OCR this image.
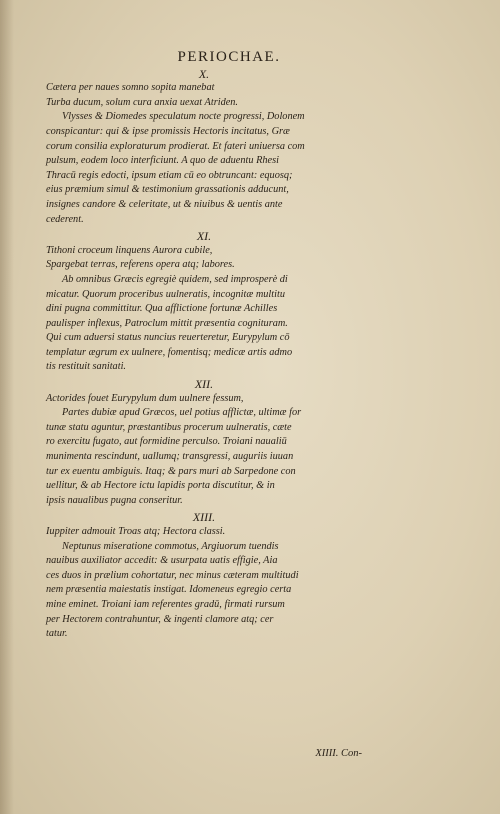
PERIOCHAE.
X.
Cætera per naues somno sopita manebat
Turba ducum, solum cura anxia uexat Atriden.
Vlysses & Diomedes speculatum nocte progressi, Dolonem
conspicantur: qui & ipse promissis Hectoris incitatus, Græ
corum consilia exploraturum prodierat. Et fateri uniuersa com
pulsum, eodem loco interficiunt. A quo de aduentu Rhesi
Thracū regis edocti, ipsum etiam cū eo obtruncant: equosq;
eius præmium simul & testimonium grassationis adducunt,
insignes candore & celeritate, ut & niuibus & uentis ante
cederent.
XI.
Tithoni croceum linquens Aurora cubile,
Spargebat terras, referens opera atq; labores.
Ab omnibus Græcis egregiè quidem, sed improsperè di
micatur. Quorum proceribus uulneratis, incognitæ multitu
dini pugna committitur. Qua afflictione fortunæ Achilles
paulisper inflexus, Patroclum mittit præsentia cognituram.
Qui cum aduersi status nuncius reuerteretur, Eurypylum cō
templatur ægrum ex uulnere, fomentisq; medicæ artis admo
tis restituit sanitati.
XII.
Actorides fouet Eurypylum dum uulnere fessum,
Partes dubiæ apud Græcos, uel potius afflictæ, ultimæ for
tunæ statu aguntur, præstantibus procerum uulneratis, cæte
ro exercitu fugato, aut formidine perculso. Troiani naualiū
munimenta rescindunt, uallumq; transgressi, auguriis iuuan
tur ex euentu ambiguis. Itaq; & pars muri ab Sarpedone con
uellitur, & ab Hectore ictu lapidis porta discutitur, & in
ipsis naualibus pugna conseritur.
XIII.
Iuppiter admouit Troas atq; Hectora classi.
Neptunus miseratione commotus, Argiuorum tuendis
nauibus auxiliator accedit: & usurpata uatis effigie, Aia
ces duos in prælium cohortatur, nec minus cæteram multitudi
nem præsentia maiestatis instigat. Idomeneus egregio certa
mine eminet. Troiani iam referentes gradū, firmati rursum
per Hectorem contrahuntur, & ingenti clamore atq; cer
tatur.
XIIII. Con-
